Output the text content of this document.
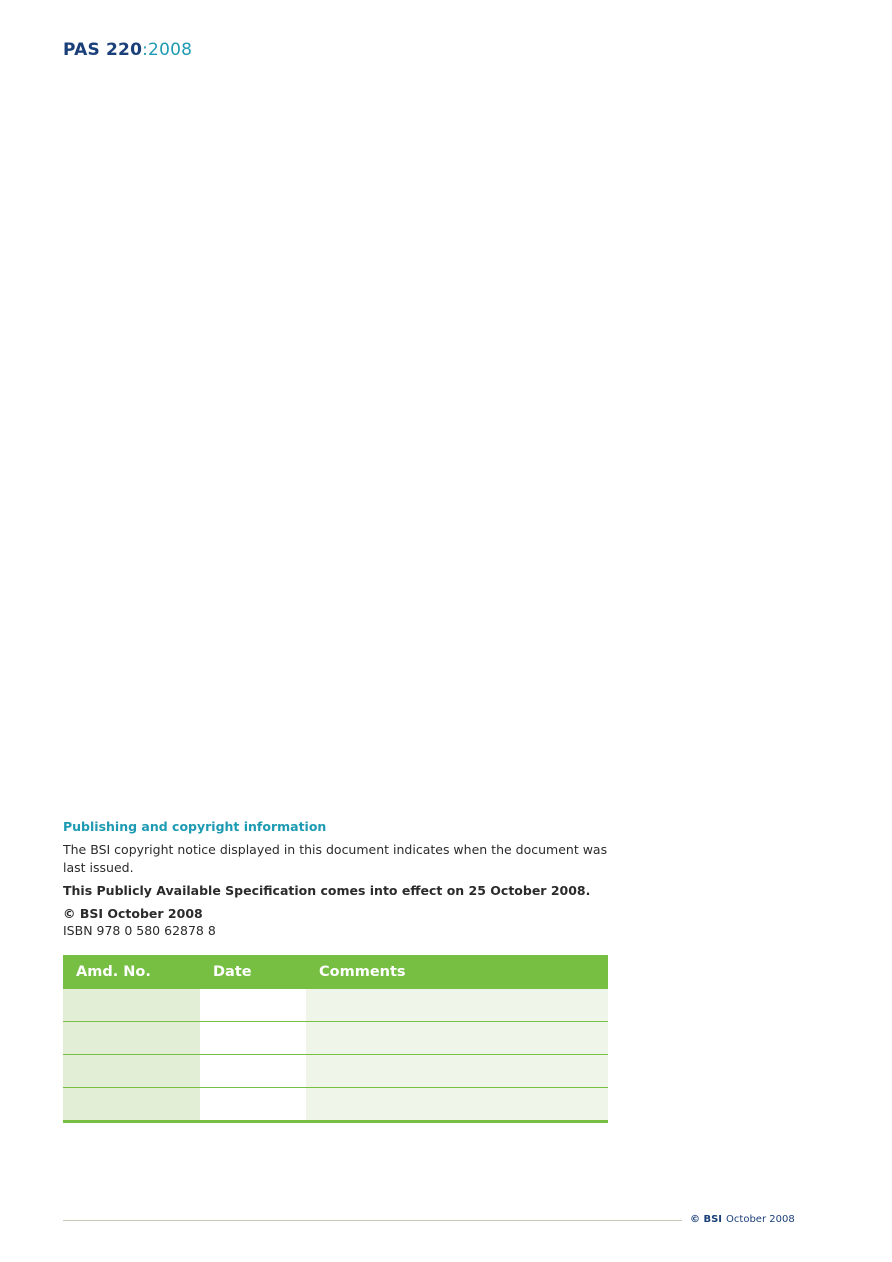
PAS 220:2008

Publishing and copyright information

The BSI copyright notice displayed in this document indicates when the document was last issued.

This Publicly Available Specification comes into effect on 25 October 2008.

© BSI October 2008

ISBN 978 0 580 62878 8

Amd. No.	Date	Comments

© BSI October 2008
